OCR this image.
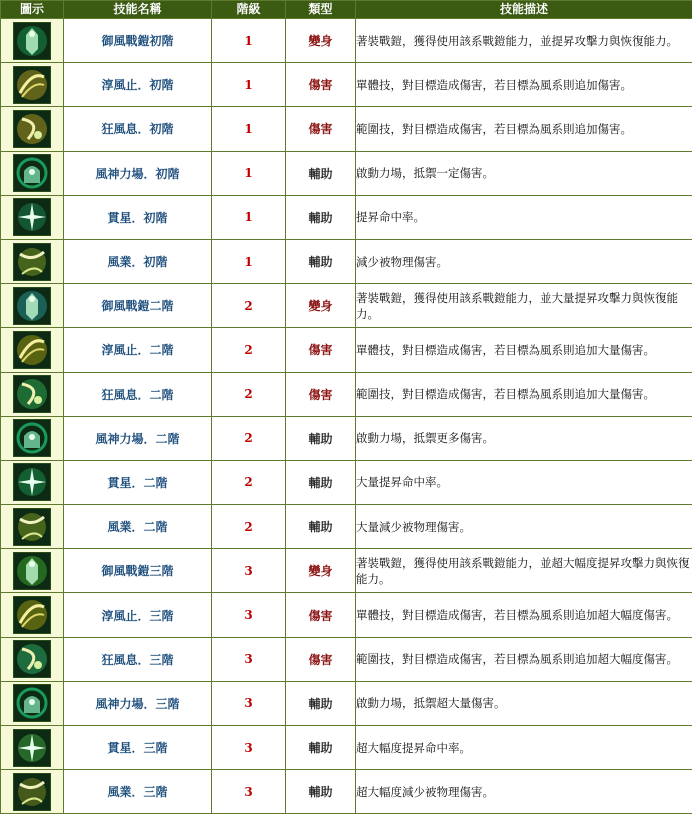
圖示	技能名稱	階級	類型	技能描述

	御風戰鎧初階	1	變身	著裝戰鎧，獲得使用該系戰鎧能力，並提昇攻擊力與恢復能力。

	淳風止．初階	1	傷害	單體技，對目標造成傷害，若目標為風系則追加傷害。

	狂風息．初階	1	傷害	範圍技，對目標造成傷害，若目標為風系則追加傷害。

	風神力場．初階	1	輔助	啟動力場，抵禦一定傷害。

	貫星．初階	1	輔助	提昇命中率。

	風業．初階	1	輔助	減少被物理傷害。

	御風戰鎧二階	2	變身	著裝戰鎧，獲得使用該系戰鎧能力，並大量提昇攻擊力與恢復能力。

	淳風止．二階	2	傷害	單體技，對目標造成傷害，若目標為風系則追加大量傷害。

	狂風息．二階	2	傷害	範圍技，對目標造成傷害，若目標為風系則追加大量傷害。

	風神力場．二階	2	輔助	啟動力場，抵禦更多傷害。

	貫星．二階	2	輔助	大量提昇命中率。

	風業．二階	2	輔助	大量減少被物理傷害。

	御風戰鎧三階	3	變身	著裝戰鎧，獲得使用該系戰鎧能力，並超大幅度提昇攻擊力與恢復能力。

	淳風止．三階	3	傷害	單體技，對目標造成傷害，若目標為風系則追加超大幅度傷害。

	狂風息．三階	3	傷害	範圍技，對目標造成傷害，若目標為風系則追加超大幅度傷害。

	風神力場．三階	3	輔助	啟動力場，抵禦超大量傷害。

	貫星．三階	3	輔助	超大幅度提昇命中率。

	風業．三階	3	輔助	超大幅度減少被物理傷害。
